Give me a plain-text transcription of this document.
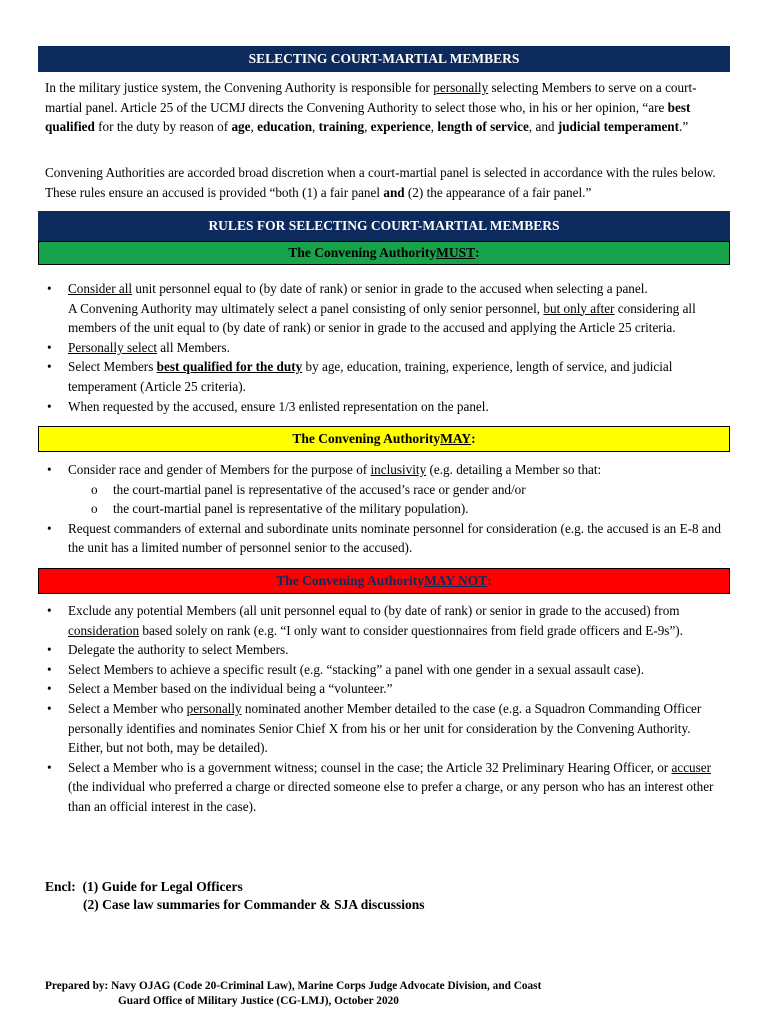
SELECTING COURT-MARTIAL MEMBERS

In the military justice system, the Convening Authority is responsible for personally selecting Members to serve on a court-martial panel. Article 25 of the UCMJ directs the Convening Authority to select those who, in his or her opinion, “are best qualified for the duty by reason of age, education, training, experience, length of service, and judicial temperament.”

Convening Authorities are accorded broad discretion when a court-martial panel is selected in accordance with the rules below. These rules ensure an accused is provided “both (1) a fair panel and (2) the appearance of a fair panel.”

RULES FOR SELECTING COURT-MARTIAL MEMBERS
The Convening Authority MUST :
• Consider all unit personnel equal to (by date of rank) or senior in grade to the accused when selecting a panel.
A Convening Authority may ultimately select a panel consisting of only senior personnel, but only after considering all members of the unit equal to (by date of rank) or senior in grade to the accused and applying the Article 25 criteria.
• Personally select all Members.
• Select Members best qualified for the duty by age, education, training, experience, length of service, and judicial temperament (Article 25 criteria).
• When requested by the accused, ensure 1/3 enlisted representation on the panel.
The Convening Authority MAY :
• Consider race and gender of Members for the purpose of inclusivity (e.g. detailing a Member so that:
o the court-martial panel is representative of the accused’s race or gender and/or
o the court-martial panel is representative of the military population).
• Request commanders of external and subordinate units nominate personnel for consideration (e.g. the accused is an E-8 and the unit has a limited number of personnel senior to the accused).
The Convening Authority MAY NOT :
• Exclude any potential Members (all unit personnel equal to (by date of rank) or senior in grade to the accused) from consideration based solely on rank (e.g. “I only want to consider questionnaires from field grade officers and E-9s”).
• Delegate the authority to select Members.
• Select Members to achieve a specific result (e.g. “stacking” a panel with one gender in a sexual assault case).
• Select a Member based on the individual being a “volunteer.”
• Select a Member who personally nominated another Member detailed to the case (e.g. a Squadron Commanding Officer personally identifies and nominates Senior Chief X from his or her unit for consideration by the Convening Authority. Either, but not both, may be detailed).
• Select a Member who is a government witness; counsel in the case; the Article 32 Preliminary Hearing Officer, or accuser (the individual who preferred a charge or directed someone else to prefer a charge, or any person who has an interest other than an official interest in the case).
Encl: (1) Guide for Legal Officers
(2) Case law summaries for Commander & SJA discussions
Prepared by: Navy OJAG (Code 20-Criminal Law), Marine Corps Judge Advocate Division, and Coast
Guard Office of Military Justice (CG-LMJ), October 2020
